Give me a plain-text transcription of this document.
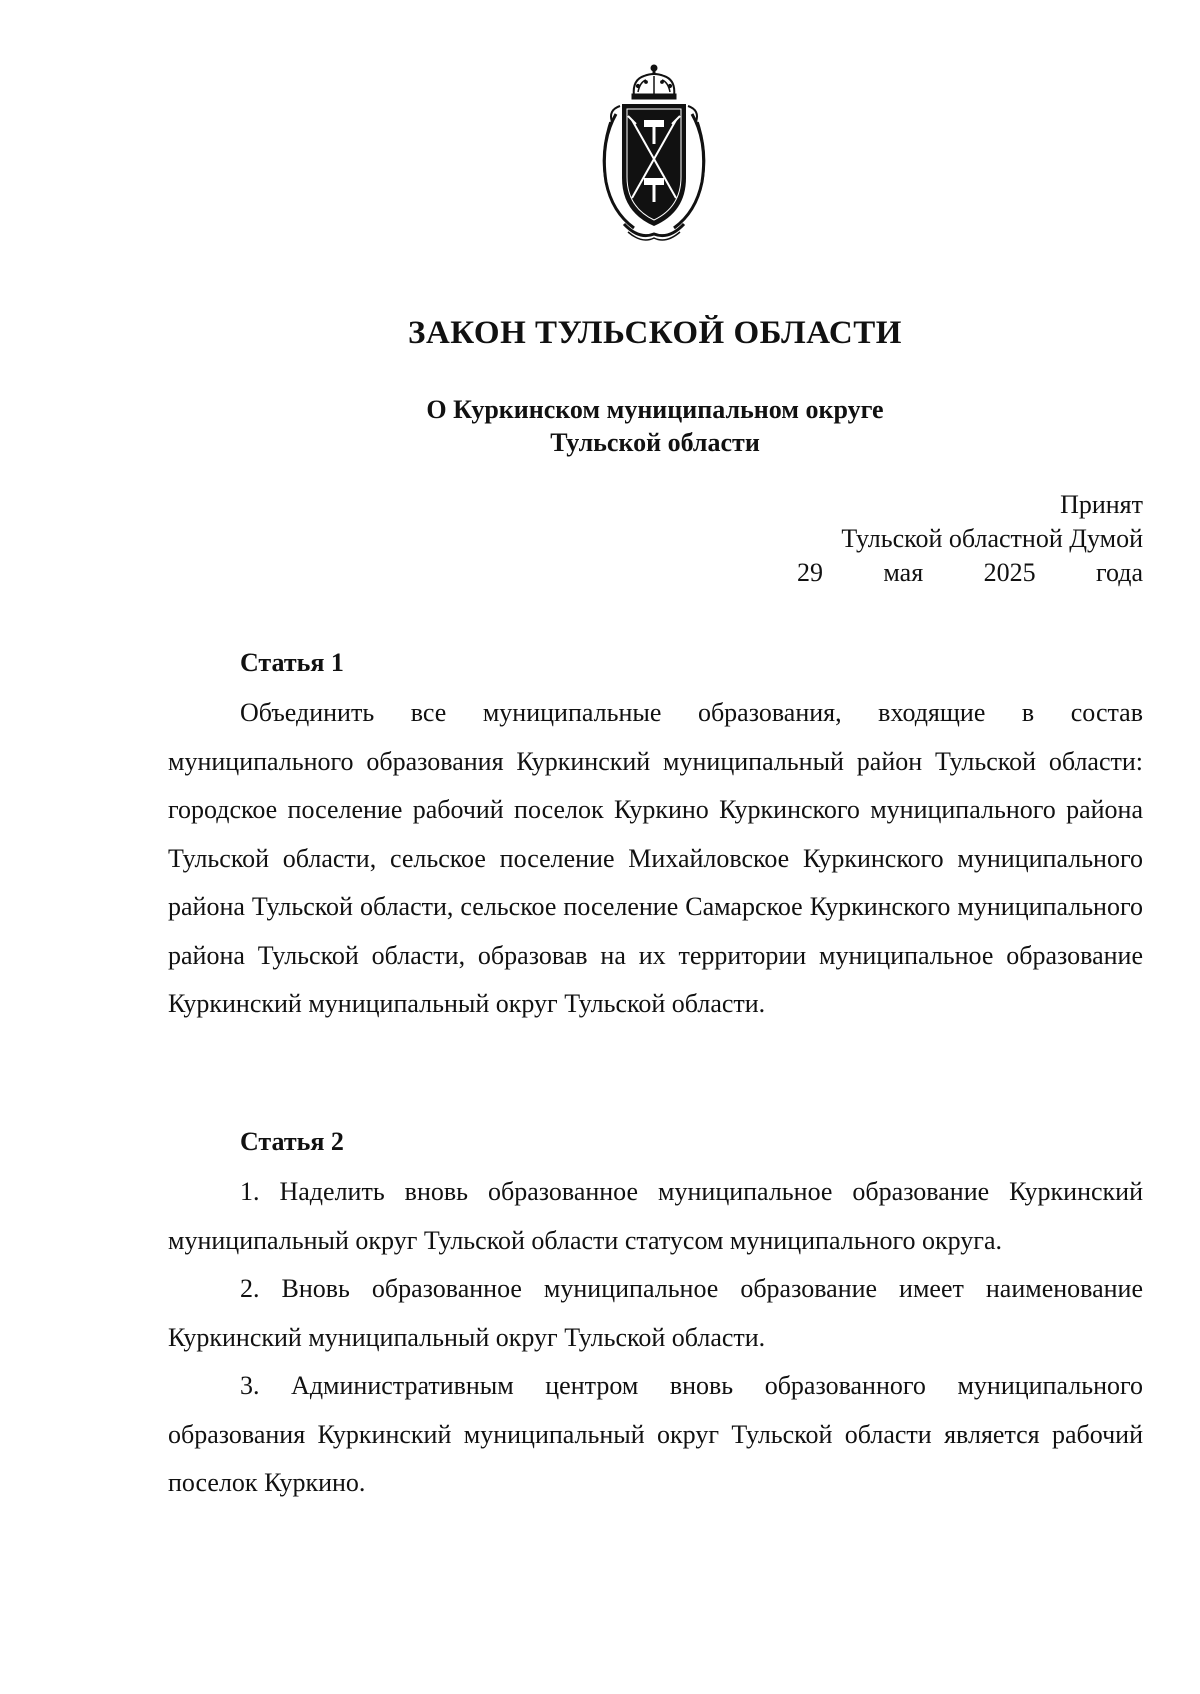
ЗАКОН ТУЛЬСКОЙ ОБЛАСТИ
О Куркинском муниципальном округе
Тульской области
Принят
Тульской областной Думой
29 мая 2025 года
Статья 1

Объединить все муниципальные образования, входящие в состав муниципального образования Куркинский муниципальный район Тульской области: городское поселение рабочий поселок Куркино Куркинского муниципального района Тульской области, сельское поселение Михайловское Куркинского муниципального района Тульской области, сельское поселение Самарское Куркинского муниципального района Тульской области, образовав на их территории муниципальное образование Куркинский муниципальный округ Тульской области.

Статья 2

1. Наделить вновь образованное муниципальное образование Куркинский муниципальный округ Тульской области статусом муниципального округа.

2. Вновь образованное муниципальное образование имеет наименование Куркинский муниципальный округ Тульской области.

3. Административным центром вновь образованного муниципального образования Куркинский муниципальный округ Тульской области является рабочий поселок Куркино.
